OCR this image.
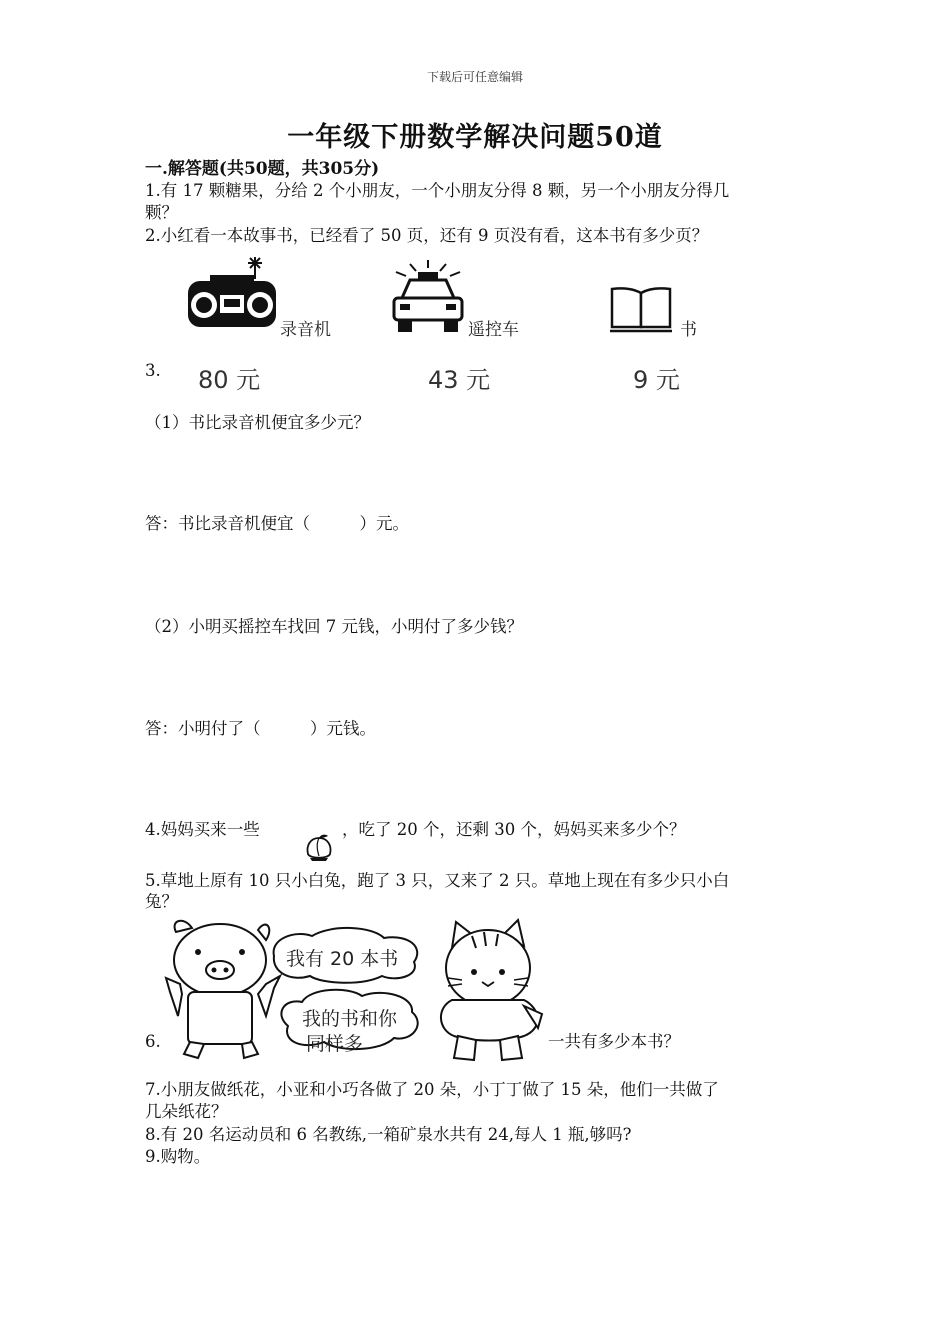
下载后可任意编辑
一年级下册数学解决问题50道
一.解答题(共50题，共305分)
1.有 17 颗糖果，分给 2 个小朋友，一个小朋友分得 8 颗，另一个小朋友分得几
颗？
2.小红看一本故事书，已经看了 50 页，还有 9 页没有看，这本书有多少页？
3.
录音机
80 元
遥控车
43 元
书
9 元
（1）书比录音机便宜多少元？
答：书比录音机便宜（　　　）元。
（2）小明买摇控车找回 7 元钱，小明付了多少钱？
答：小明付了（　　　）元钱。
4.妈妈买来一些	，吃了 20 个，还剩 30 个，妈妈买来多少个？
5.草地上原有 10 只小白兔，跑了 3 只，又来了 2 只。草地上现在有多少只小白
兔？
6.
我有 20 本书
我的书和你
同样多	一共有多少本书？
7.小朋友做纸花，小亚和小巧各做了 20 朵，小丁丁做了 15 朵，他们一共做了
几朵纸花？
8.有 20 名运动员和 6 名教练,一箱矿泉水共有 24,每人 1 瓶,够吗?
9.购物。
